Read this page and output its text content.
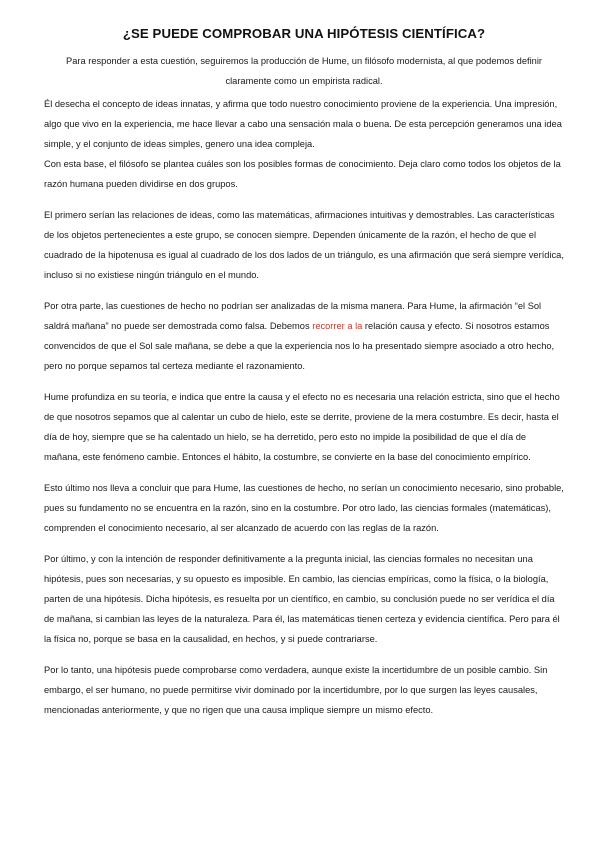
¿SE PUEDE COMPROBAR UNA HIPÓTESIS CIENTÍFICA?

Para responder a esta cuestión, seguiremos la producción de Hume, un filósofo modernista, al que podemos definir claramente como un empirista radical.

Él desecha el concepto de ideas innatas, y afirma que todo nuestro conocimiento proviene de la experiencia. Una impresión, algo que vivo en la experiencia, me hace llevar a cabo una sensación mala o buena. De esta percepción generamos una idea simple, y el conjunto de ideas simples, genero una idea compleja.

Con esta base, el filósofo se plantea cuáles son los posibles formas de conocimiento. Deja claro como todos los objetos de la razón humana pueden dividirse en dos grupos.

El primero serían las relaciones de ideas, como las matemáticas, afirmaciones intuitivas y demostrables. Las características de los objetos pertenecientes a este grupo, se conocen siempre. Dependen únicamente de la razón, el hecho de que el cuadrado de la hipotenusa es igual al cuadrado de los dos lados de un triángulo, es una afirmación que será siempre verídica, incluso si no existiese ningún triángulo en el mundo.

Por otra parte, las cuestiones de hecho no podrían ser analizadas de la misma manera. Para Hume, la afirmación “el Sol saldrá mañana” no puede ser demostrada como falsa. Debemos recorrer a la relación causa y efecto. Si nosotros estamos convencidos de que el Sol sale mañana, se debe a que la experiencia nos lo ha presentado siempre asociado a otro hecho, pero no porque sepamos tal certeza mediante el razonamiento.

Hume profundiza en su teoría, e indica que entre la causa y el efecto no es necesaria una relación estricta, sino que el hecho de que nosotros sepamos que al calentar un cubo de hielo, este se derrite, proviene de la mera costumbre. Es decir, hasta el día de hoy, siempre que se ha calentado un hielo, se ha derretido, pero esto no impide la posibilidad de que el día de mañana, este fenómeno cambie. Entonces el hábito, la costumbre, se convierte en la base del conocimiento empírico.

Esto último nos lleva a concluir que para Hume, las cuestiones de hecho, no serían un conocimiento necesario, sino probable, pues su fundamento no se encuentra en la razón, sino en la costumbre. Por otro lado, las ciencias formales (matemáticas), comprenden el conocimiento necesario, al ser alcanzado de acuerdo con las reglas de la razón.

Por último, y con la intención de responder definitivamente a la pregunta inicial, las ciencias formales no necesitan una hipótesis, pues son necesarias, y su opuesto es imposible. En cambio, las ciencias empíricas, como la física, o la biología, parten de una hipótesis. Dicha hipótesis, es resuelta por un científico, en cambio, su conclusión puede no ser verídica el día de mañana, si cambian las leyes de la naturaleza. Para él, las matemáticas tienen certeza y evidencia científica. Pero para él la física no, porque se basa en la causalidad, en hechos, y si puede contrariarse.

Por lo tanto, una hipótesis puede comprobarse como verdadera, aunque existe la incertidumbre de un posible cambio. Sin embargo, el ser humano, no puede permitirse vivir dominado por la incertidumbre, por lo que surgen las leyes causales, mencionadas anteriormente, y que no rigen que una causa implique siempre un mismo efecto.
